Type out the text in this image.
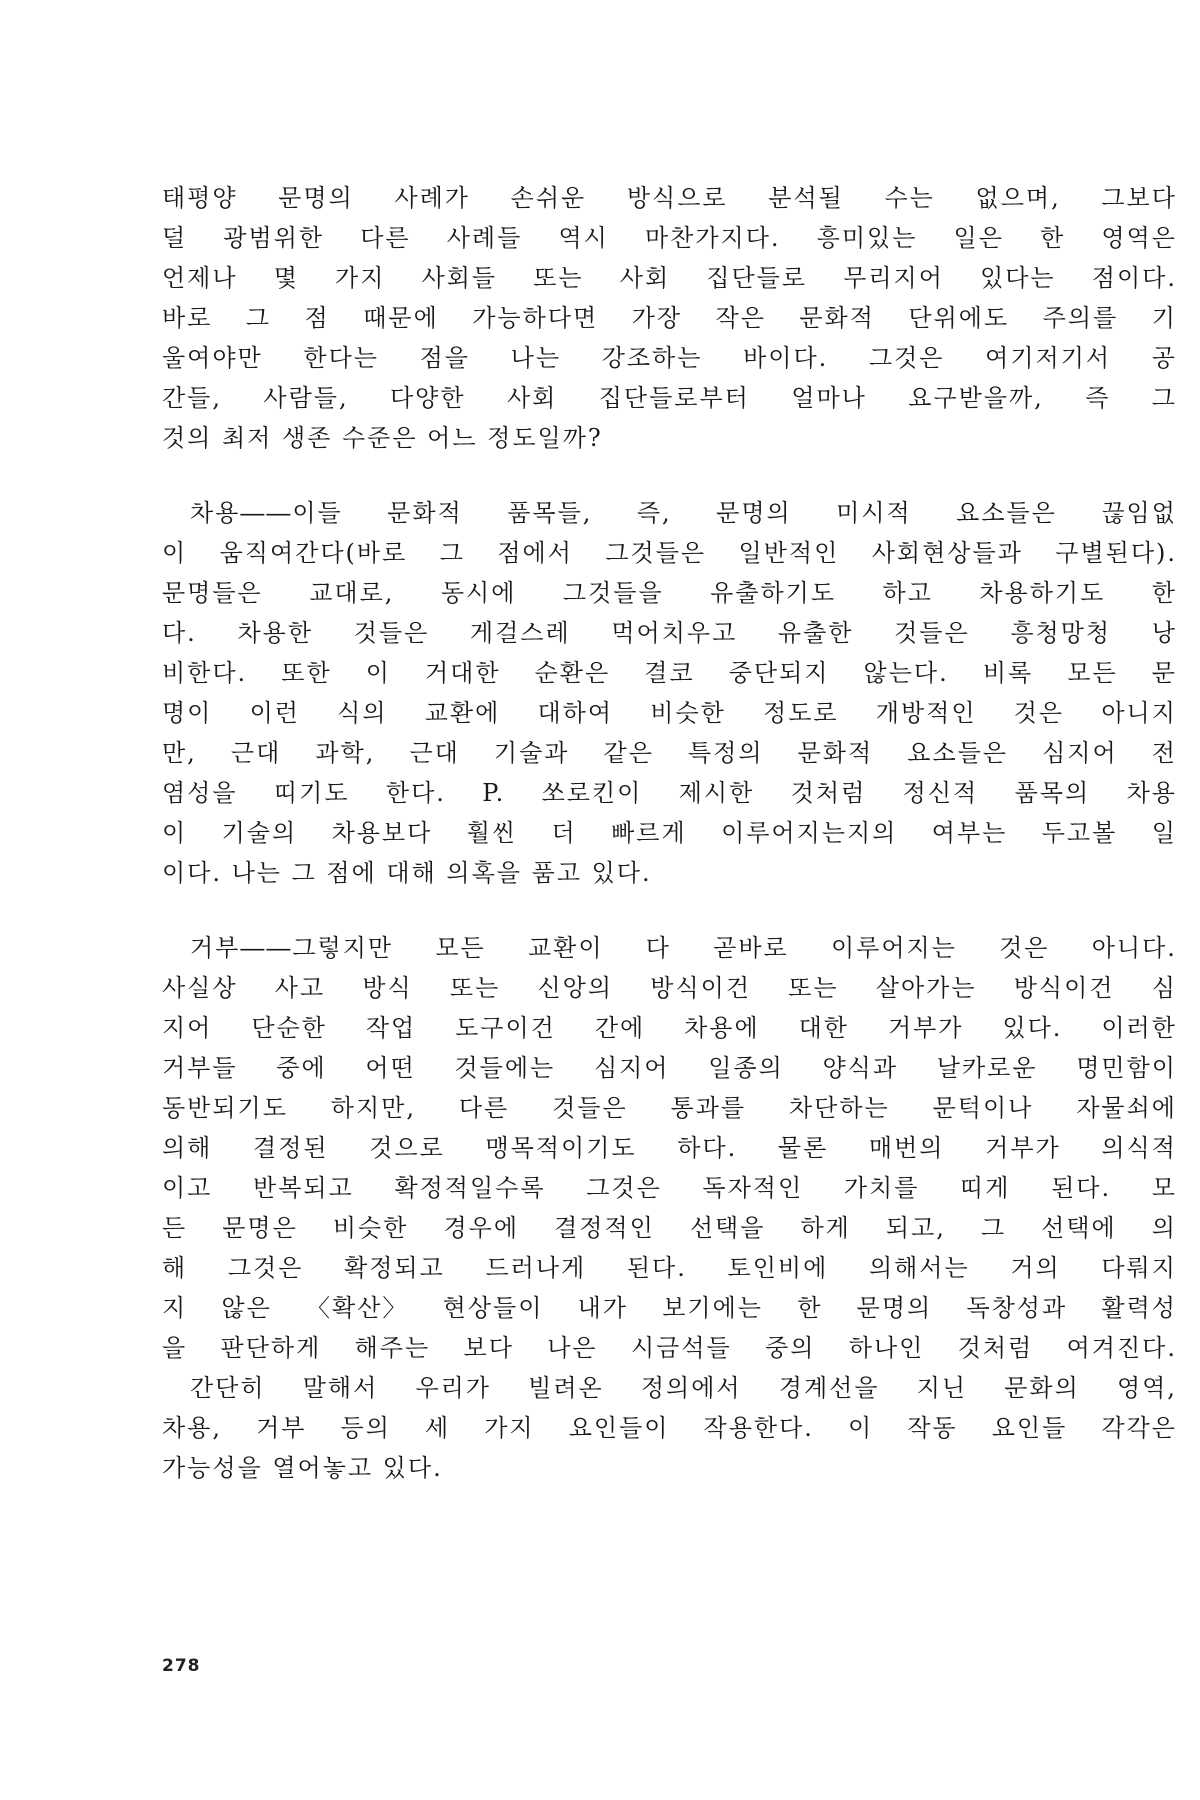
태평양 문명의 사례가 손쉬운 방식으로 분석될 수는 없으며, 그보다
덜 광범위한 다른 사례들 역시 마찬가지다. 흥미있는 일은 한 영역은
언제나 몇 가지 사회들 또는 사회 집단들로 무리지어 있다는 점이다.
바로 그 점 때문에 가능하다면 가장 작은 문화적 단위에도 주의를 기
울여야만 한다는 점을 나는 강조하는 바이다. 그것은 여기저기서 공
간들, 사람들, 다양한 사회 집단들로부터 얼마나 요구받을까, 즉 그
것의 최저 생존 수준은 어느 정도일까?
차용――이들 문화적 품목들, 즉, 문명의 미시적 요소들은 끊임없
이 움직여간다(바로 그 점에서 그것들은 일반적인 사회현상들과 구별된다).
문명들은 교대로, 동시에 그것들을 유출하기도 하고 차용하기도 한
다. 차용한 것들은 게걸스레 먹어치우고 유출한 것들은 흥청망청 낭
비한다. 또한 이 거대한 순환은 결코 중단되지 않는다. 비록 모든 문
명이 이런 식의 교환에 대하여 비슷한 정도로 개방적인 것은 아니지
만, 근대 과학, 근대 기술과 같은 특정의 문화적 요소들은 심지어 전
염성을 띠기도 한다. P. 쏘로킨이 제시한 것처럼 정신적 품목의 차용
이 기술의 차용보다 훨씬 더 빠르게 이루어지는지의 여부는 두고볼 일
이다. 나는 그 점에 대해 의혹을 품고 있다.
거부――그렇지만 모든 교환이 다 곧바로 이루어지는 것은 아니다.
사실상 사고 방식 또는 신앙의 방식이건 또는 살아가는 방식이건 심
지어 단순한 작업 도구이건 간에 차용에 대한 거부가 있다. 이러한
거부들 중에 어떤 것들에는 심지어 일종의 양식과 날카로운 명민함이
동반되기도 하지만, 다른 것들은 통과를 차단하는 문턱이나 자물쇠에
의해 결정된 것으로 맹목적이기도 하다. 물론 매번의 거부가 의식적
이고 반복되고 확정적일수록 그것은 독자적인 가치를 띠게 된다. 모
든 문명은 비슷한 경우에 결정적인 선택을 하게 되고, 그 선택에 의
해 그것은 확정되고 드러나게 된다. 토인비에 의해서는 거의 다뤄지
지 않은 〈확산〉 현상들이 내가 보기에는 한 문명의 독창성과 활력성
을 판단하게 해주는 보다 나은 시금석들 중의 하나인 것처럼 여겨진다.
간단히 말해서 우리가 빌려온 정의에서 경계선을 지닌 문화의 영역,
차용, 거부 등의 세 가지 요인들이 작용한다. 이 작동 요인들 각각은
가능성을 열어놓고 있다.
278
